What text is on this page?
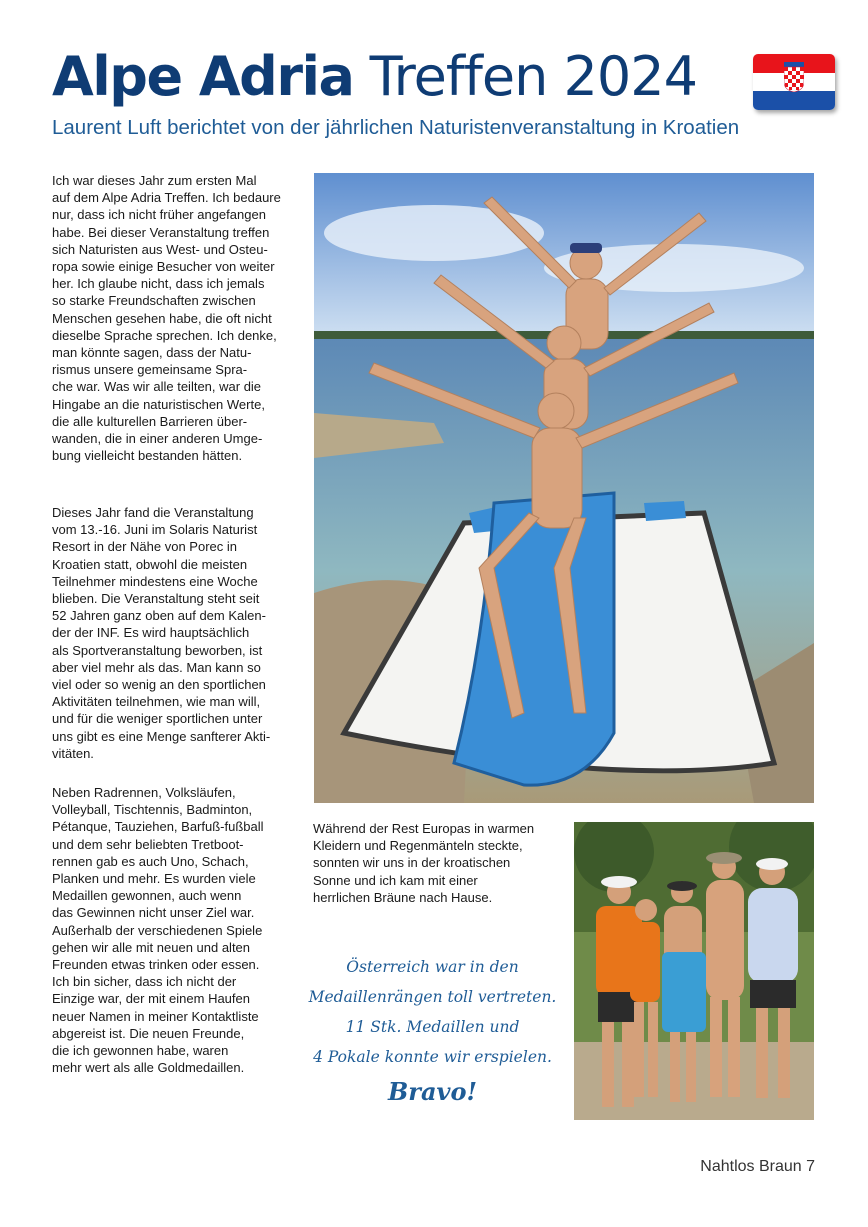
Alpe Adria Treffen 2024
Laurent Luft berichtet von der jährlichen Naturistenveranstaltung in Kroatien
Ich war dieses Jahr zum ersten Mal
auf dem Alpe Adria Treffen. Ich bedaure
nur, dass ich nicht früher angefangen
habe. Bei dieser Veranstaltung treffen
sich Naturisten aus West- und Osteu-
ropa sowie einige Besucher von weiter
her. Ich glaube nicht, dass ich jemals
so starke Freundschaften zwischen
Menschen gesehen habe, die oft nicht
dieselbe Sprache sprechen. Ich denke,
man könnte sagen, dass der Natu-
rismus unsere gemeinsame Spra-
che war. Was wir alle teilten, war die
Hingabe an die naturistischen Werte,
die alle kulturellen Barrieren über-
wanden, die in einer anderen Umge-
bung vielleicht bestanden hätten.
Dieses Jahr fand die Veranstaltung
vom 13.-16. Juni im Solaris Naturist
Resort in der Nähe von Porec in
Kroatien statt, obwohl die meisten
Teilnehmer mindestens eine Woche
blieben. Die Veranstaltung steht seit
52 Jahren ganz oben auf dem Kalen-
der der INF. Es wird hauptsächlich
als Sportveranstaltung beworben, ist
aber viel mehr als das. Man kann so
viel oder so wenig an den sportlichen
Aktivitäten teilnehmen, wie man will,
und für die weniger sportlichen unter
uns gibt es eine Menge sanfterer Akti-
vitäten.
Neben Radrennen, Volksläufen,
Volleyball, Tischtennis, Badminton,
Pétanque, Tauziehen, Barfuß-fußball
und dem sehr beliebten Tretboot-
rennen gab es auch Uno, Schach,
Planken und mehr. Es wurden viele
Medaillen gewonnen, auch wenn
das Gewinnen nicht unser Ziel war.
Außerhalb der verschiedenen Spiele
gehen wir alle mit neuen und alten
Freunden etwas trinken oder essen.
Ich bin sicher, dass ich nicht der
Einzige war, der mit einem Haufen
neuer Namen in meiner Kontaktliste
abgereist ist. Die neuen Freunde,
die ich gewonnen habe, waren
mehr wert als alle Goldmedaillen.
Während der Rest Europas in warmen
Kleidern und Regenmänteln steckte,
sonnten wir uns in der kroatischen
Sonne und ich kam mit einer
herrlichen Bräune nach Hause.
Österreich war in den
Medaillenrängen toll vertreten.
11 Stk. Medaillen und
4 Pokale konnte wir erspielen.
Bravo!
Nahtlos Braun 7
